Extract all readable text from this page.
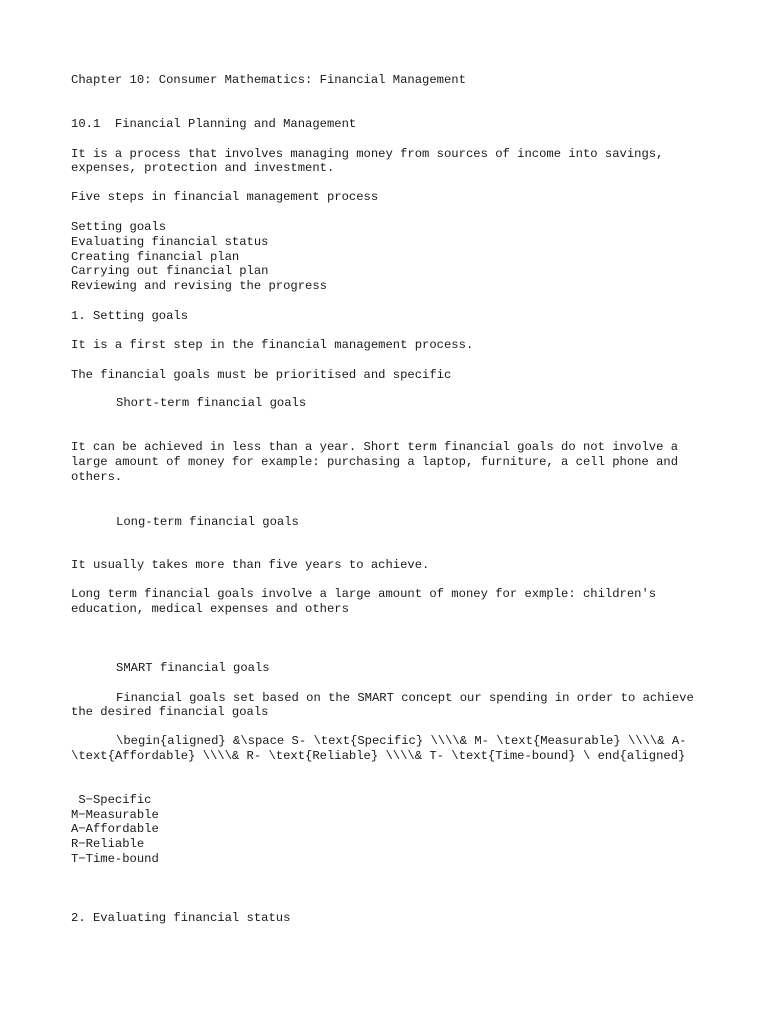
Chapter 10: Consumer Mathematics: Financial Management

10.1  Financial Planning and Management

It is a process that involves managing money from sources of income into savings, expenses, protection and investment.

Five steps in financial management process

Setting goals

Evaluating financial status

Creating financial plan

Carrying out financial plan

Reviewing and revising the progress

1. Setting goals

It is a first step in the financial management process.

The financial goals must be prioritised and specific

Short-term financial goals

It can be achieved in less than a year. Short term financial goals do not involve a large amount of money for example: purchasing a laptop, furniture, a cell phone and others.

Long-term financial goals

It usually takes more than five years to achieve.

Long term financial goals involve a large amount of money for exmple: children's education, medical expenses and others

SMART financial goals

Financial goals set based on the SMART concept our spending in order to achieve the desired financial goals

\begin{aligned} &\space S- \text{Specific} \\\\& M- \text{Measurable} \\\\& A- \text{Affordable} \\\\& R- \text{Reliable} \\\\& T- \text{Time-bound} \ end{aligned}

S−Specific

M−Measurable

A−Affordable

R−Reliable

T−Time-bound

2. Evaluating financial status
